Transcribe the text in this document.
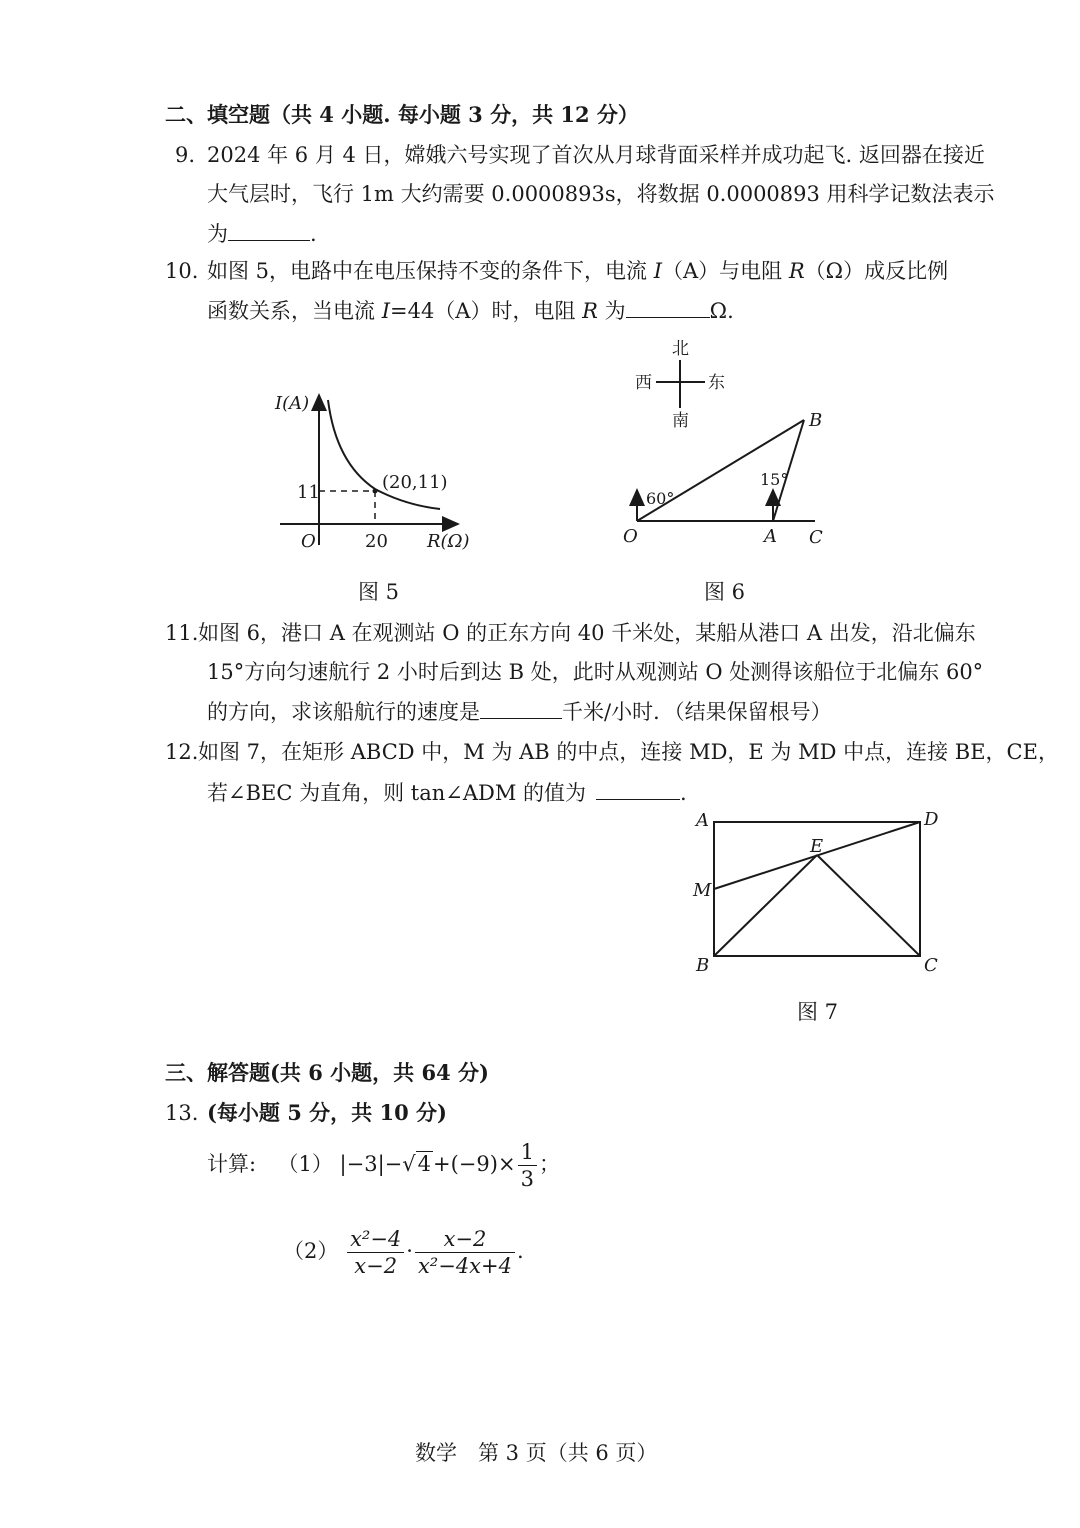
二、填空题（共 4 小题. 每小题 3 分，共 12 分）
9. 2024 年 6 月 4 日，嫦娥六号实现了首次从月球背面采样并成功起飞. 返回器在接近
大气层时，飞行 1m 大约需要 0.0000893s，将数据 0.0000893 用科学记数法表示
为	.
10. 如图 5，电路中在电压保持不变的条件下，电流 I（A）与电阻 R（Ω）成反比例
函数关系，当电流 I=44（A）时，电阻 R 为	Ω.
I(A)
R(Ω)
O
11
20
(20,11)
图 5
北
南
西	东
60°
15°
O	A
B
C
图 6
11. 如图 6，港口 A 在观测站 O 的正东方向 40 千米处，某船从港口 A 出发，沿北偏东
15°方向匀速航行 2 小时后到达 B 处，此时从观测站 O 处测得该船位于北偏东 60°
的方向，求该船航行的速度是	千米/小时．（结果保留根号）
12. 如图 7，在矩形 ABCD 中，M 为 AB 的中点，连接 MD，E 为 MD 中点，连接 BE，CE，
若∠BEC 为直角，则 tan∠ADM 的值为	.
A	D
E
M
B	C
图 7
三、解答题(共 6 小题，共 64 分)
13. (每小题 5 分，共 10 分)
计算: （1） $|-3|-√4+(-9)\times \frac{1}{3}$ ；
$(2) \frac{\text{x²−4}}{x-2} \cdot \frac{x-2}{\text{x²−4x+4}}$ .
数学　第 3 页（共 6 页）
